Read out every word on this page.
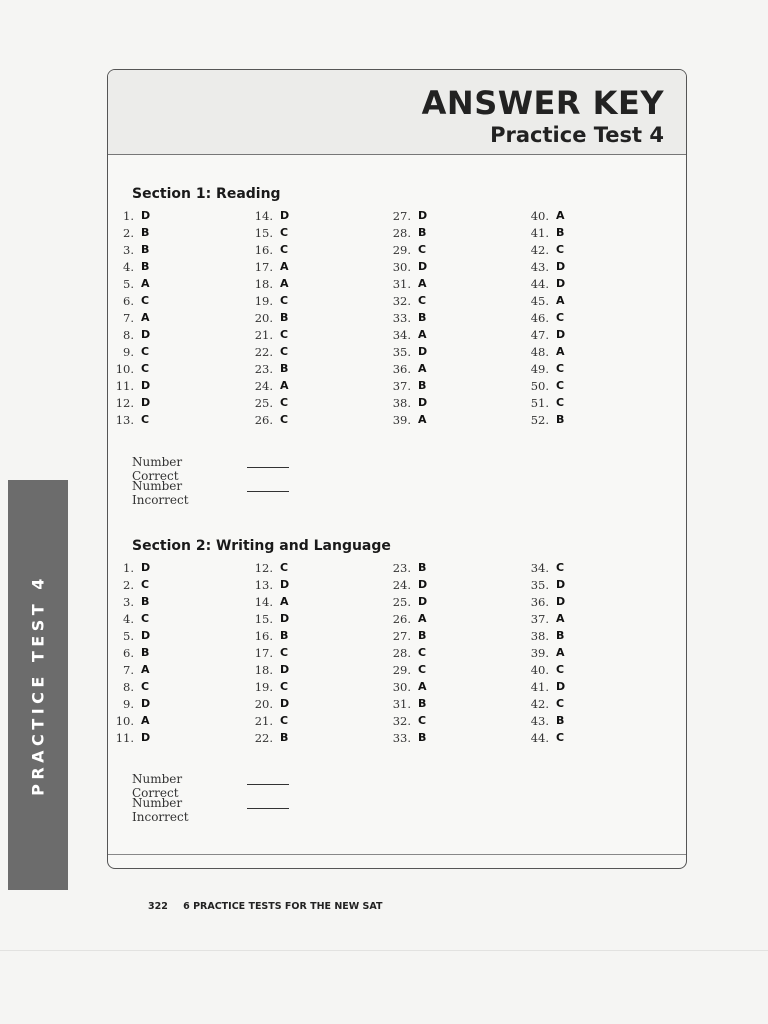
PRACTICE TEST 4
ANSWER KEY
Practice Test 4
Section 1: Reading
1. D
2. B
3. B
4. B
5. A
6. C
7. A
8. D
9. C
10. C
11. D
12. D
13. C
14. D
15. C
16. C
17. A
18. A
19. C
20. B
21. C
22. C
23. B
24. A
25. C
26. C
27. D
28. B
29. C
30. D
31. A
32. C
33. B
34. A
35. D
36. A
37. B
38. D
39. A
40. A
41. B
42. C
43. D
44. D
45. A
46. C
47. D
48. A
49. C
50. C
51. C
52. B
Number Correct
Number Incorrect
Section 2: Writing and Language
1. D
2. C
3. B
4. C
5. D
6. B
7. A
8. C
9. D
10. A
11. D
12. C
13. D
14. A
15. D
16. B
17. C
18. D
19. C
20. D
21. C
22. B
23. B
24. D
25. D
26. A
27. B
28. C
29. C
30. A
31. B
32. C
33. B
34. C
35. D
36. D
37. A
38. B
39. A
40. C
41. D
42. C
43. B
44. C
Number Correct
Number Incorrect
322 6 PRACTICE TESTS FOR THE NEW SAT
